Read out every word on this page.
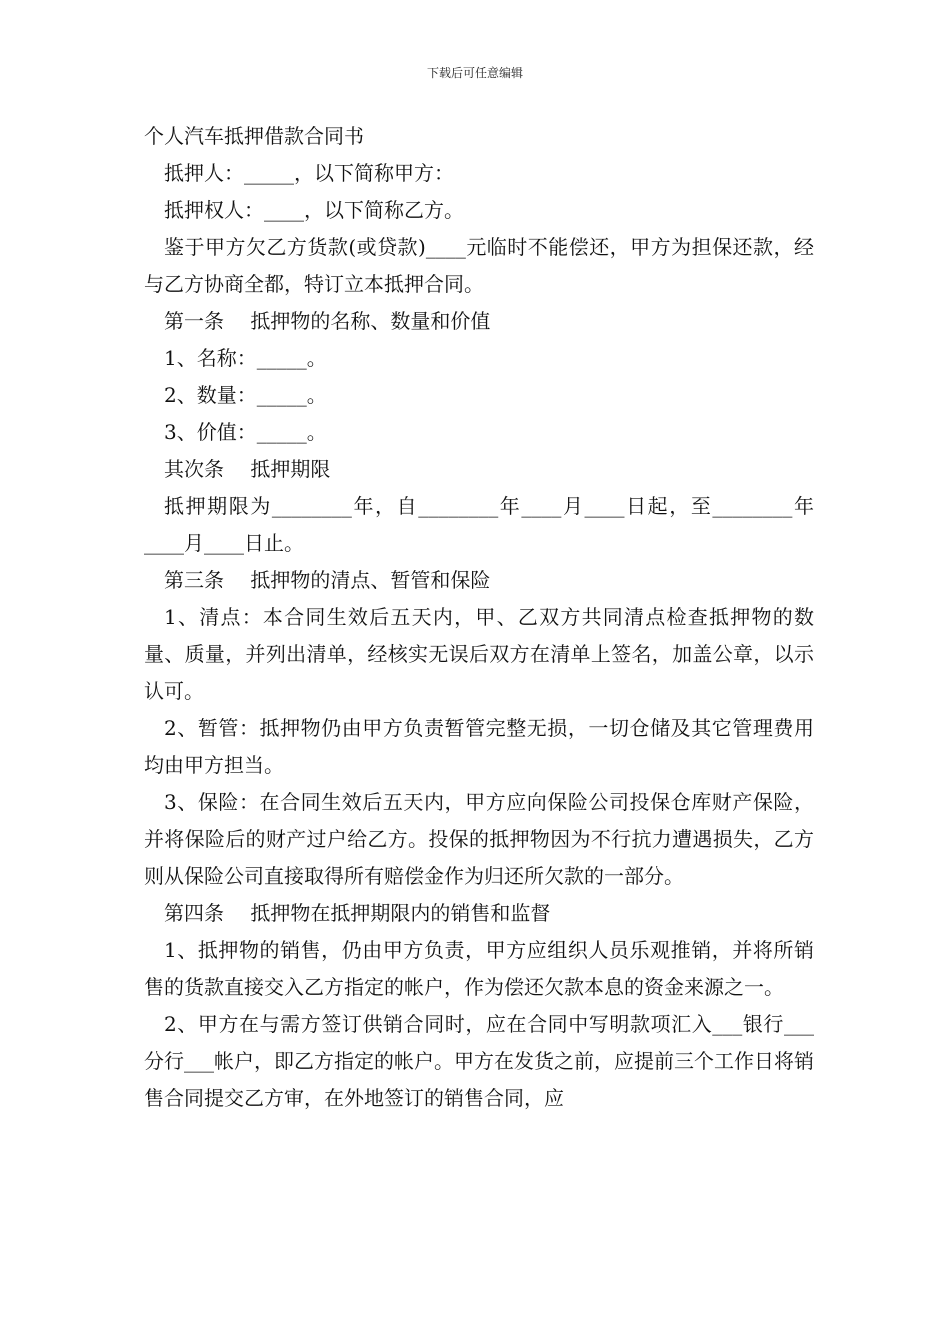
下载后可任意编辑

个人汽车抵押借款合同书

抵押人：_____，以下简称甲方：

抵押权人：____，以下简称乙方。

鉴于甲方欠乙方货款(或贷款)____元临时不能偿还，甲方为担保还款，经与乙方协商全都，特订立本抵押合同。

第一条　 抵押物的名称、数量和价值

1、名称：_____。

2、数量：_____。

3、价值：_____。

其次条　 抵押期限

抵押期限为________年，自________年____月____日起，至________年____月____日止。

第三条　 抵押物的清点、暂管和保险

1、清点：本合同生效后五天内，甲、乙双方共同清点检查抵押物的数量、质量，并列出清单，经核实无误后双方在清单上签名，加盖公章，以示认可。

2、暂管：抵押物仍由甲方负责暂管完整无损，一切仓储及其它管理费用均由甲方担当。

3、保险：在合同生效后五天内，甲方应向保险公司投保仓库财产保险，并将保险后的财产过户给乙方。投保的抵押物因为不行抗力遭遇损失，乙方则从保险公司直接取得所有赔偿金作为归还所欠款的一部分。

第四条　 抵押物在抵押期限内的销售和监督

1、抵押物的销售，仍由甲方负责，甲方应组织人员乐观推销，并将所销售的货款直接交入乙方指定的帐户，作为偿还欠款本息的资金来源之一。

2、甲方在与需方签订供销合同时，应在合同中写明款项汇入___银行___分行___帐户，即乙方指定的帐户。甲方在发货之前，应提前三个工作日将销售合同提交乙方审，在外地签订的销售合同，应
